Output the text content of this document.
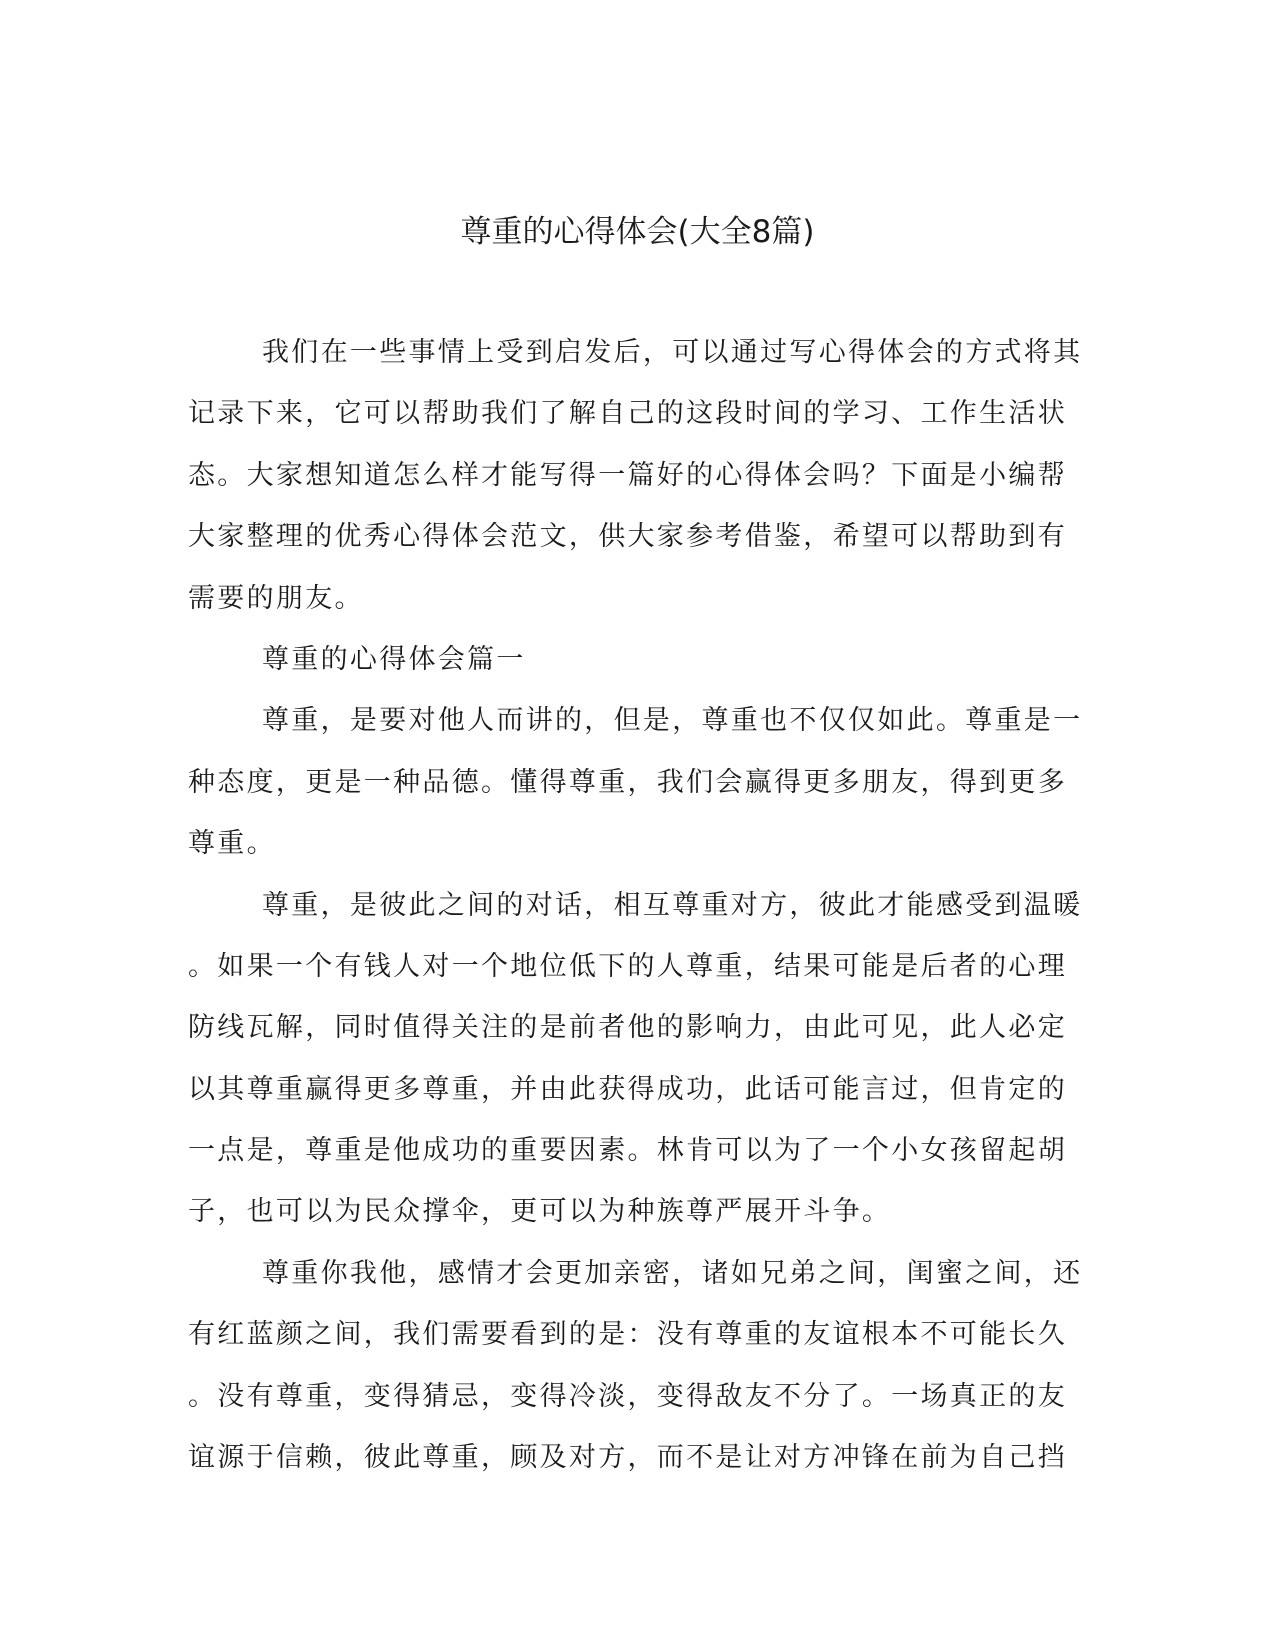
尊重的心得体会(大全8篇)
我们在一些事情上受到启发后，可以通过写心得体会的方式将其
记录下来，它可以帮助我们了解自己的这段时间的学习、工作生活状
态。大家想知道怎么样才能写得一篇好的心得体会吗？下面是小编帮
大家整理的优秀心得体会范文，供大家参考借鉴，希望可以帮助到有
需要的朋友。
尊重的心得体会篇一
尊重，是要对他人而讲的，但是，尊重也不仅仅如此。尊重是一
种态度，更是一种品德。懂得尊重，我们会赢得更多朋友，得到更多
尊重。
尊重，是彼此之间的对话，相互尊重对方，彼此才能感受到温暖
。如果一个有钱人对一个地位低下的人尊重，结果可能是后者的心理
防线瓦解，同时值得关注的是前者他的影响力，由此可见，此人必定
以其尊重赢得更多尊重，并由此获得成功，此话可能言过，但肯定的
一点是，尊重是他成功的重要因素。林肯可以为了一个小女孩留起胡
子，也可以为民众撑伞，更可以为种族尊严展开斗争。
尊重你我他，感情才会更加亲密，诸如兄弟之间，闺蜜之间，还
有红蓝颜之间，我们需要看到的是：没有尊重的友谊根本不可能长久
。没有尊重，变得猜忌，变得冷淡，变得敌友不分了。一场真正的友
谊源于信赖，彼此尊重，顾及对方，而不是让对方冲锋在前为自己挡
